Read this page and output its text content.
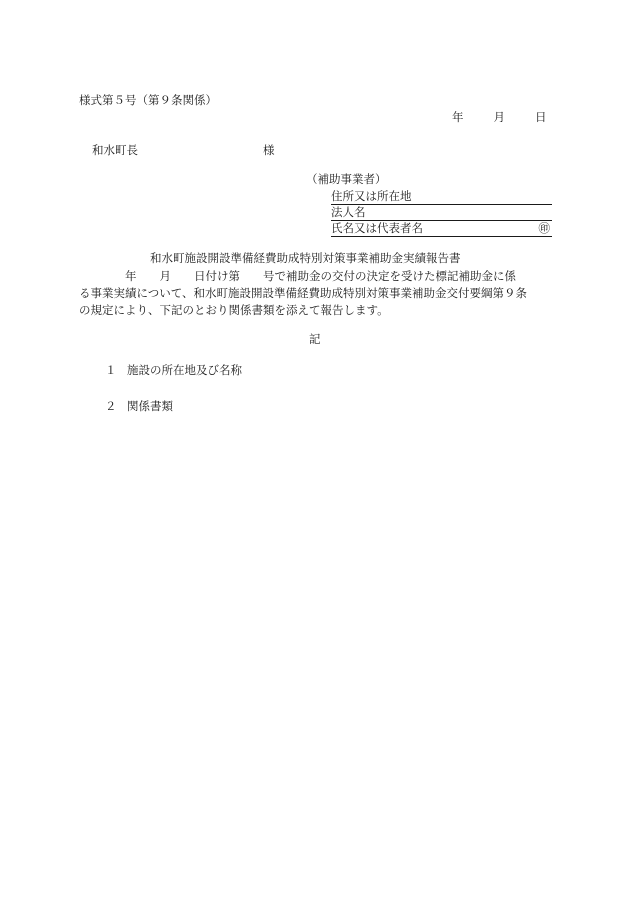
様式第５号（第９条関係）
年	月	日
和水町長	様
（補助事業者）
住所又は所在地
法人名
氏名又は代表者名	㊞
和水町施設開設準備経費助成特別対策事業補助金実績報告書
　　　　年　　月　　日付け第　　号で補助金の交付の決定を受けた標記補助金に係
る事業実績について、和水町施設開設準備経費助成特別対策事業補助金交付要綱第９条
の規定により、下記のとおり関係書類を添えて報告します。
記
１ 施設の所在地及び名称
２ 関係書類
